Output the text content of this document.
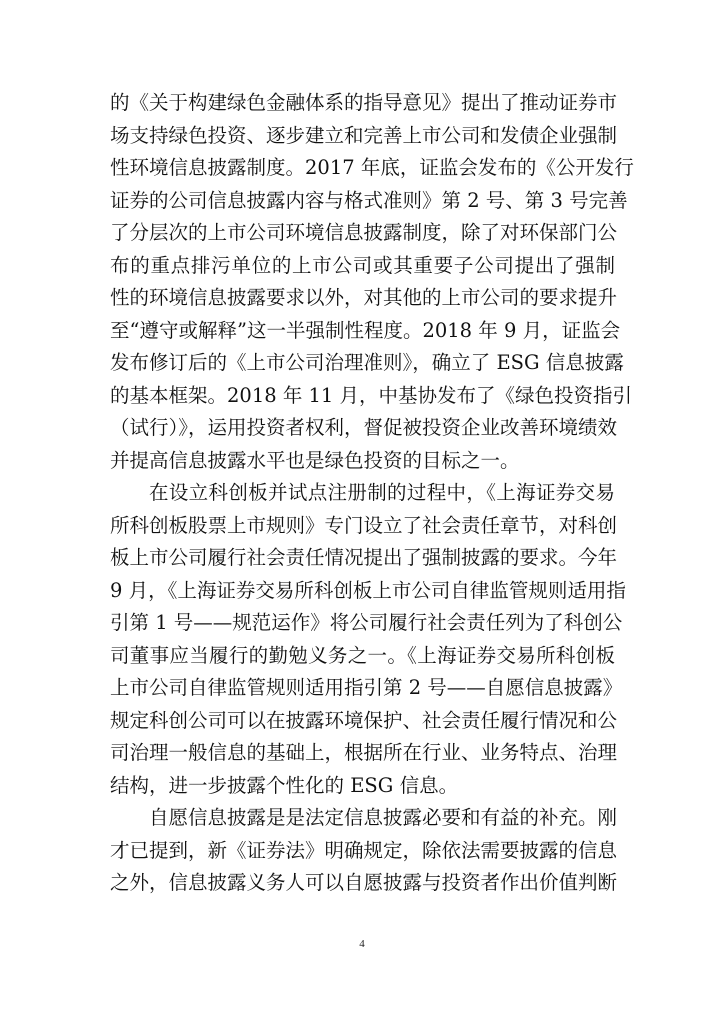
的《关于构建绿色金融体系的指导意见》提出了推动证券市
场支持绿色投资、逐步建立和完善上市公司和发债企业强制
性环境信息披露制度。2017 年底，证监会发布的《公开发行
证券的公司信息披露内容与格式准则》第 2 号、第 3 号完善
了分层次的上市公司环境信息披露制度，除了对环保部门公
布的重点排污单位的上市公司或其重要子公司提出了强制
性的环境信息披露要求以外，对其他的上市公司的要求提升
至“遵守或解释”这一半强制性程度。2018 年 9 月，证监会
发布修订后的《上市公司治理准则》，确立了 ESG 信息披露
的基本框架。2018 年 11 月，中基协发布了《绿色投资指引
（试行）》，运用投资者权利，督促被投资企业改善环境绩效
并提高信息披露水平也是绿色投资的目标之一。
在设立科创板并试点注册制的过程中，《上海证券交易
所科创板股票上市规则》专门设立了社会责任章节，对科创
板上市公司履行社会责任情况提出了强制披露的要求。今年
9 月，《上海证券交易所科创板上市公司自律监管规则适用指
引第 1 号——规范运作》将公司履行社会责任列为了科创公
司董事应当履行的勤勉义务之一。《上海证券交易所科创板
上市公司自律监管规则适用指引第 2 号——自愿信息披露》
规定科创公司可以在披露环境保护、社会责任履行情况和公
司治理一般信息的基础上，根据所在行业、业务特点、治理
结构，进一步披露个性化的 ESG 信息。
自愿信息披露是是法定信息披露必要和有益的补充。刚
才已提到，新《证券法》明确规定，除依法需要披露的信息
之外，信息披露义务人可以自愿披露与投资者作出价值判断
4
